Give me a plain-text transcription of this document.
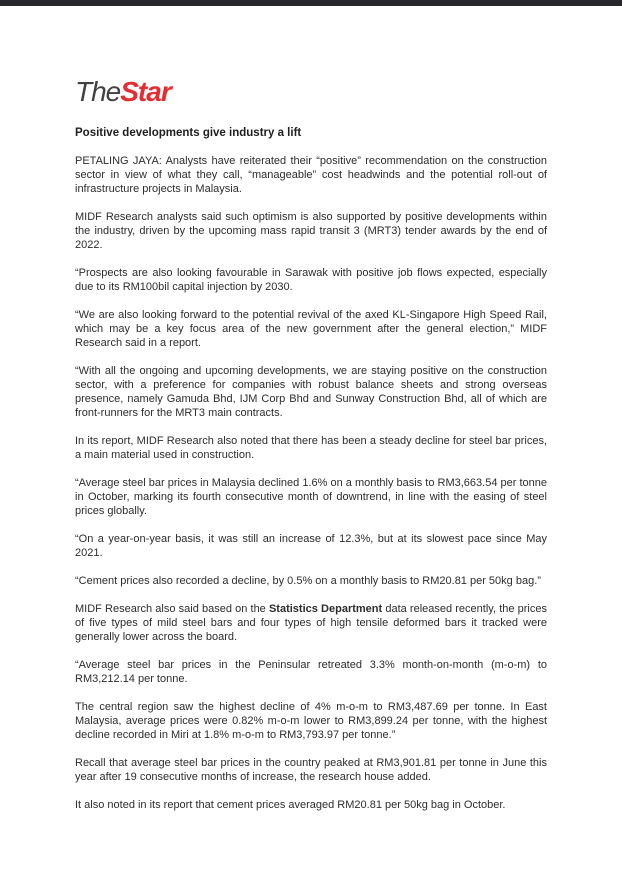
TheStar
Positive developments give industry a lift

PETALING JAYA: Analysts have reiterated their “positive” recommendation on the construction sector in view of what they call, “manageable” cost headwinds and the potential roll-out of infrastructure projects in Malaysia.

MIDF Research analysts said such optimism is also supported by positive developments within the industry, driven by the upcoming mass rapid transit 3 (MRT3) tender awards by the end of 2022.

“Prospects are also looking favourable in Sarawak with positive job flows expected, especially due to its RM100bil capital injection by 2030.

“We are also looking forward to the potential revival of the axed KL-Singapore High Speed Rail, which may be a key focus area of the new government after the general election,” MIDF Research said in a report.

“With all the ongoing and upcoming developments, we are staying positive on the construction sector, with a preference for companies with robust balance sheets and strong overseas presence, namely Gamuda Bhd, IJM Corp Bhd and Sunway Construction Bhd, all of which are front-runners for the MRT3 main contracts.

In its report, MIDF Research also noted that there has been a steady decline for steel bar prices, a main material used in construction.

“Average steel bar prices in Malaysia declined 1.6% on a monthly basis to RM3,663.54 per tonne in October, marking its fourth consecutive month of downtrend, in line with the easing of steel prices globally.

“On a year-on-year basis, it was still an increase of 12.3%, but at its slowest pace since May 2021.

“Cement prices also recorded a decline, by 0.5% on a monthly basis to RM20.81 per 50kg bag.”

MIDF Research also said based on the Statistics Department data released recently, the prices of five types of mild steel bars and four types of high tensile deformed bars it tracked were generally lower across the board.

“Average steel bar prices in the Peninsular retreated 3.3% month-on-month (m-o-m) to RM3,212.14 per tonne.

The central region saw the highest decline of 4% m-o-m to RM3,487.69 per tonne. In East Malaysia, average prices were 0.82% m-o-m lower to RM3,899.24 per tonne, with the highest decline recorded in Miri at 1.8% m-o-m to RM3,793.97 per tonne.”

Recall that average steel bar prices in the country peaked at RM3,901.81 per tonne in June this year after 19 consecutive months of increase, the research house added.

It also noted in its report that cement prices averaged RM20.81 per 50kg bag in October.
